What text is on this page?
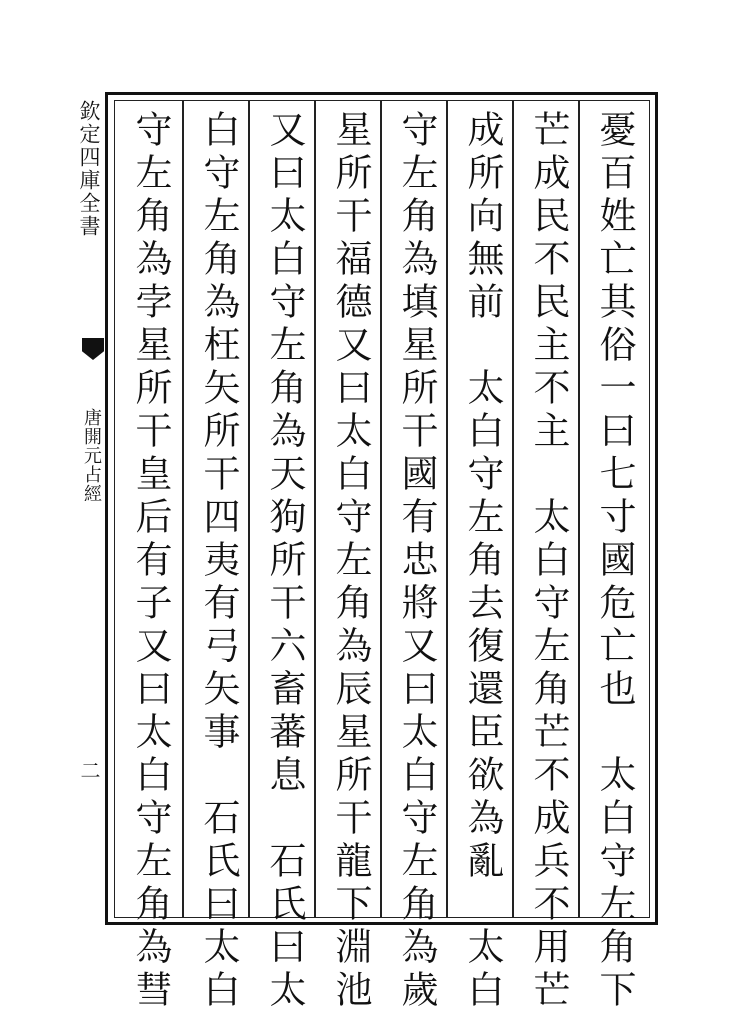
欽定四庫全書
唐開元占經
二	憂百姓亡其俗一曰七寸國危亡也　太白守左角下
芒成民不民主不主　太白守左角芒不成兵不用芒
成所向無前　太白守左角去復還臣欲為亂　太白
守左角為填星所干國有忠將又曰太白守左角為歲
星所干福德又曰太白守左角為辰星所干龍下淵池
又曰太白守左角為天狗所干六畜蕃息　石氏曰太
白守左角為枉矢所干四夷有弓矢事　石氏曰太白
守左角為孛星所干皇后有子又曰太白守左角為彗
